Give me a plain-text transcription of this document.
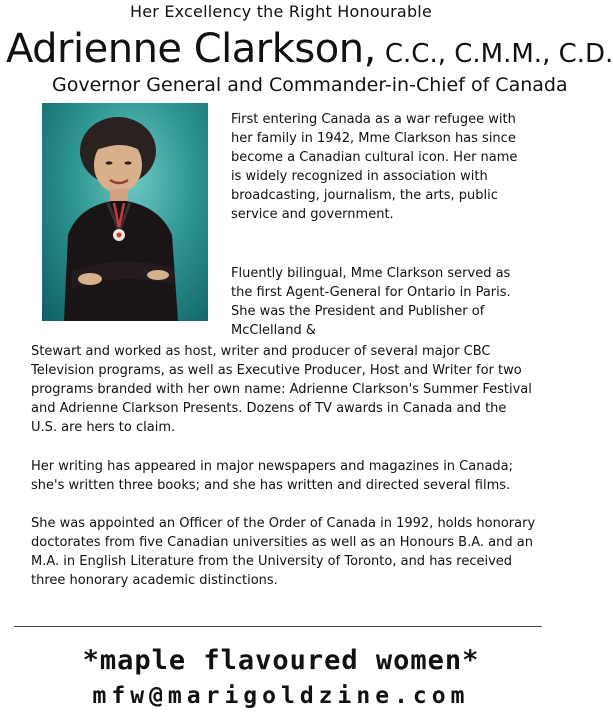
Her Excellency the Right Honourable
Adrienne Clarkson, C.C., C.M.M., C.D.
Governor General and Commander-in-Chief of Canada

First entering Canada as a war refugee with her family in 1942, Mme Clarkson has since become a Canadian cultural icon. Her name is widely recognized in association with broadcasting, journalism, the arts, public service and government.

Fluently bilingual, Mme Clarkson served as the first Agent-General for Ontario in Paris. She was the President and Publisher of McClelland &

Stewart and worked as host, writer and producer of several major CBC Television programs, as well as Executive Producer, Host and Writer for two programs branded with her own name: Adrienne Clarkson's Summer Festival and Adrienne Clarkson Presents. Dozens of TV awards in Canada and the U.S. are hers to claim.

Her writing has appeared in major newspapers and magazines in Canada; she's written three books; and she has written and directed several films.

She was appointed an Officer of the Order of Canada in 1992, holds honorary doctorates from five Canadian universities as well as an Honours B.A. and an M.A. in English Literature from the University of Toronto, and has received three honorary academic distinctions.

*maple flavoured women*
mfw@marigoldzine.com
